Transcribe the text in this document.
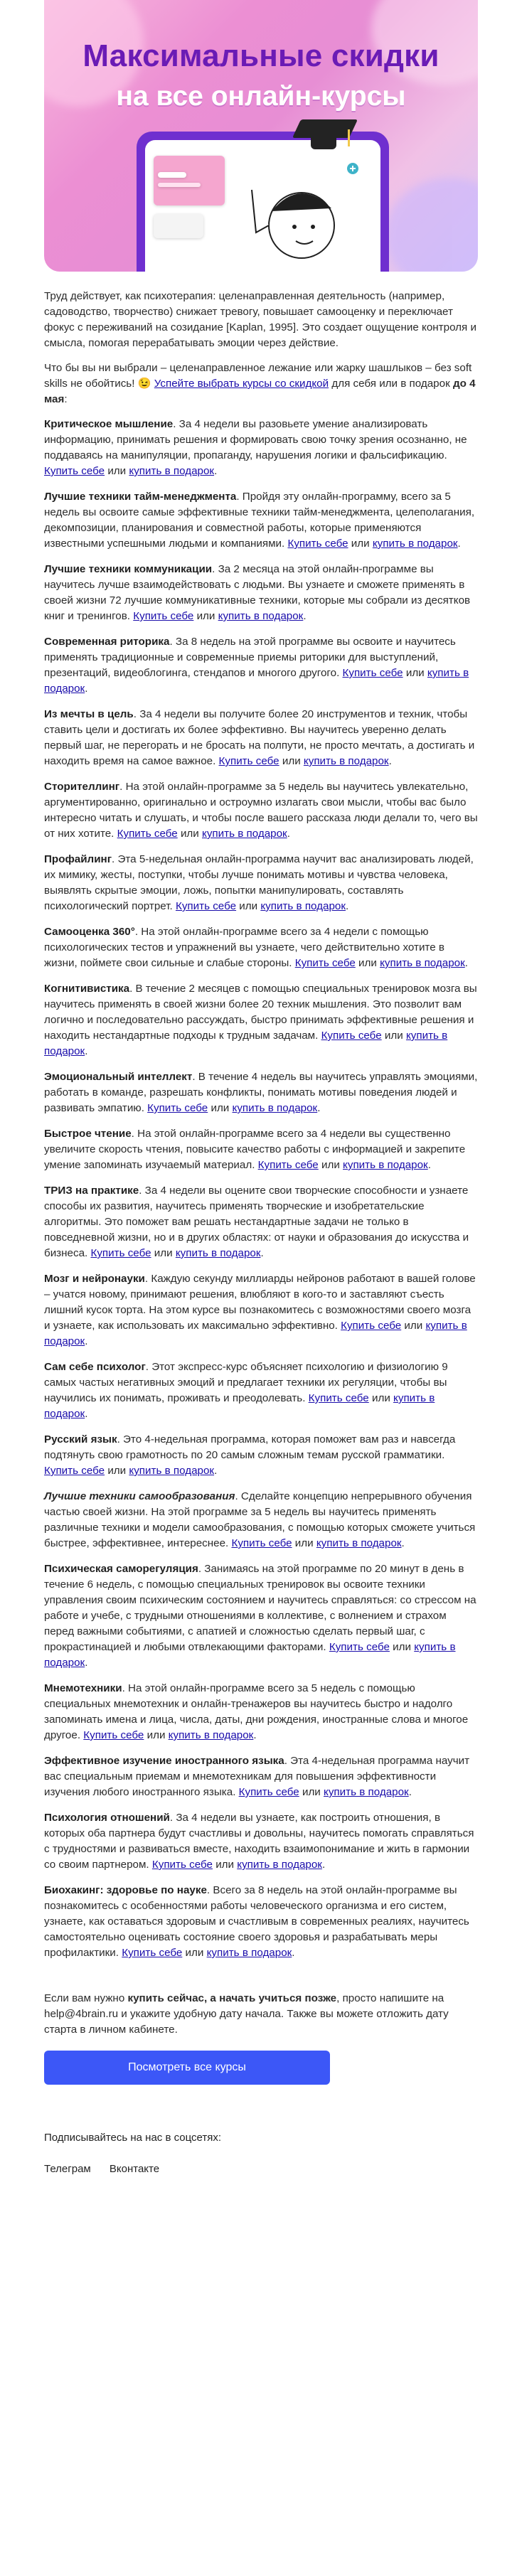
Максимальные скидки
на все онлайн-курсы

Труд действует, как психотерапия: целенаправленная деятельность (например, садоводство, творчество) снижает тревогу, повышает самооценку и переключает фокус с переживаний на созидание [Kaplan, 1995]. Это создает ощущение контроля и смысла, помогая перерабатывать эмоции через действие.

Что бы вы ни выбрали – целенаправленное лежание или жарку шашлыков – без soft skills не обойтись! 😉 Успейте выбрать курсы со скидкой для себя или в подарок до 4 мая:

Критическое мышление. За 4 недели вы разовьете умение анализировать информацию, принимать решения и формировать свою точку зрения осознанно, не поддаваясь на манипуляции, пропаганду, нарушения логики и фальсификацию. Купить себе или купить в подарок.

Лучшие техники тайм-менеджмента. Пройдя эту онлайн-программу, всего за 5 недель вы освоите самые эффективные техники тайм-менеджмента, целеполагания, декомпозиции, планирования и совместной работы, которые применяются известными успешными людьми и компаниями. Купить себе или купить в подарок.

Лучшие техники коммуникации. За 2 месяца на этой онлайн-программе вы научитесь лучше взаимодействовать с людьми. Вы узнаете и сможете применять в своей жизни 72 лучшие коммуникативные техники, которые мы собрали из десятков книг и тренингов. Купить себе или купить в подарок.

Современная риторика. За 8 недель на этой программе вы освоите и научитесь применять традиционные и современные приемы риторики для выступлений, презентаций, видеоблогинга, стендапов и многого другого. Купить себе или купить в подарок.

Из мечты в цель. За 4 недели вы получите более 20 инструментов и техник, чтобы ставить цели и достигать их более эффективно. Вы научитесь уверенно делать первый шаг, не перегорать и не бросать на полпути, не просто мечтать, а достигать и находить время на самое важное. Купить себе или купить в подарок.

Сторителлинг. На этой онлайн-программе за 5 недель вы научитесь увлекательно, аргументированно, оригинально и остроумно излагать свои мысли, чтобы вас было интересно читать и слушать, и чтобы после вашего рассказа люди делали то, чего вы от них хотите. Купить себе или купить в подарок.

Профайлинг. Эта 5-недельная онлайн-программа научит вас анализировать людей, их мимику, жесты, поступки, чтобы лучше понимать мотивы и чувства человека, выявлять скрытые эмоции, ложь, попытки манипулировать, составлять психологический портрет. Купить себе или купить в подарок.

Самооценка 360°. На этой онлайн-программе всего за 4 недели с помощью психологических тестов и упражнений вы узнаете, чего действительно хотите в жизни, поймете свои сильные и слабые стороны. Купить себе или купить в подарок.

Когнитивистика. В течение 2 месяцев с помощью специальных тренировок мозга вы научитесь применять в своей жизни более 20 техник мышления. Это позволит вам логично и последовательно рассуждать, быстро принимать эффективные решения и находить нестандартные подходы к трудным задачам. Купить себе или купить в подарок.

Эмоциональный интеллект. В течение 4 недель вы научитесь управлять эмоциями, работать в команде, разрешать конфликты, понимать мотивы поведения людей и развивать эмпатию. Купить себе или купить в подарок.

Быстрое чтение. На этой онлайн-программе всего за 4 недели вы существенно увеличите скорость чтения, повысите качество работы с информацией и закрепите умение запоминать изучаемый материал. Купить себе или купить в подарок.

ТРИЗ на практике. За 4 недели вы оцените свои творческие способности и узнаете способы их развития, научитесь применять творческие и изобретательские алгоритмы. Это поможет вам решать нестандартные задачи не только в повседневной жизни, но и в других областях: от науки и образования до искусства и бизнеса. Купить себе или купить в подарок.

Мозг и нейронауки. Каждую секунду миллиарды нейронов работают в вашей голове – учатся новому, принимают решения, влюбляют в кого-то и заставляют съесть лишний кусок торта. На этом курсе вы познакомитесь с возможностями своего мозга и узнаете, как использовать их максимально эффективно. Купить себе или купить в подарок.

Сам себе психолог. Этот экспресс-курс объясняет психологию и физиологию 9 самых частых негативных эмоций и предлагает техники их регуляции, чтобы вы научились их понимать, проживать и преодолевать. Купить себе или купить в подарок.

Русский язык. Это 4-недельная программа, которая поможет вам раз и навсегда подтянуть свою грамотность по 20 самым сложным темам русской грамматики. Купить себе или купить в подарок.

Лучшие техники самообразования. Сделайте концепцию непрерывного обучения частью своей жизни. На этой программе за 5 недель вы научитесь применять различные техники и модели самообразования, с помощью которых сможете учиться быстрее, эффективнее, интереснее. Купить себе или купить в подарок.

Психическая саморегуляция. Занимаясь на этой программе по 20 минут в день в течение 6 недель, с помощью специальных тренировок вы освоите техники управления своим психическим состоянием и научитесь справляться: со стрессом на работе и учебе, с трудными отношениями в коллективе, с волнением и страхом перед важными событиями, с апатией и сложностью сделать первый шаг, с прокрастинацией и любыми отвлекающими факторами. Купить себе или купить в подарок.

Мнемотехники. На этой онлайн-программе всего за 5 недель с помощью специальных мнемотехник и онлайн-тренажеров вы научитесь быстро и надолго запоминать имена и лица, числа, даты, дни рождения, иностранные слова и многое другое. Купить себе или купить в подарок.

Эффективное изучение иностранного языка. Эта 4-недельная программа научит вас специальным приемам и мнемотехникам для повышения эффективности изучения любого иностранного языка. Купить себе или купить в подарок.

Психология отношений. За 4 недели вы узнаете, как построить отношения, в которых оба партнера будут счастливы и довольны, научитесь помогать справляться с трудностями и развиваться вместе, находить взаимопонимание и жить в гармонии со своим партнером. Купить себе или купить в подарок.

Биохакинг: здоровье по науке. Всего за 8 недель на этой онлайн-программе вы познакомитесь с особенностями работы человеческого организма и его систем, узнаете, как оставаться здоровым и счастливым в современных реалиях, научитесь самостоятельно оценивать состояние своего здоровья и разрабатывать меры профилактики. Купить себе или купить в подарок.

Если вам нужно купить сейчас, а начать учиться позже, просто напишите на help@4brain.ru и укажите удобную дату начала. Также вы можете отложить дату старта в личном кабинете.

Посмотреть все курсы
Подписывайтесь на нас в соцсетях:
Телеграм Вконтакте
